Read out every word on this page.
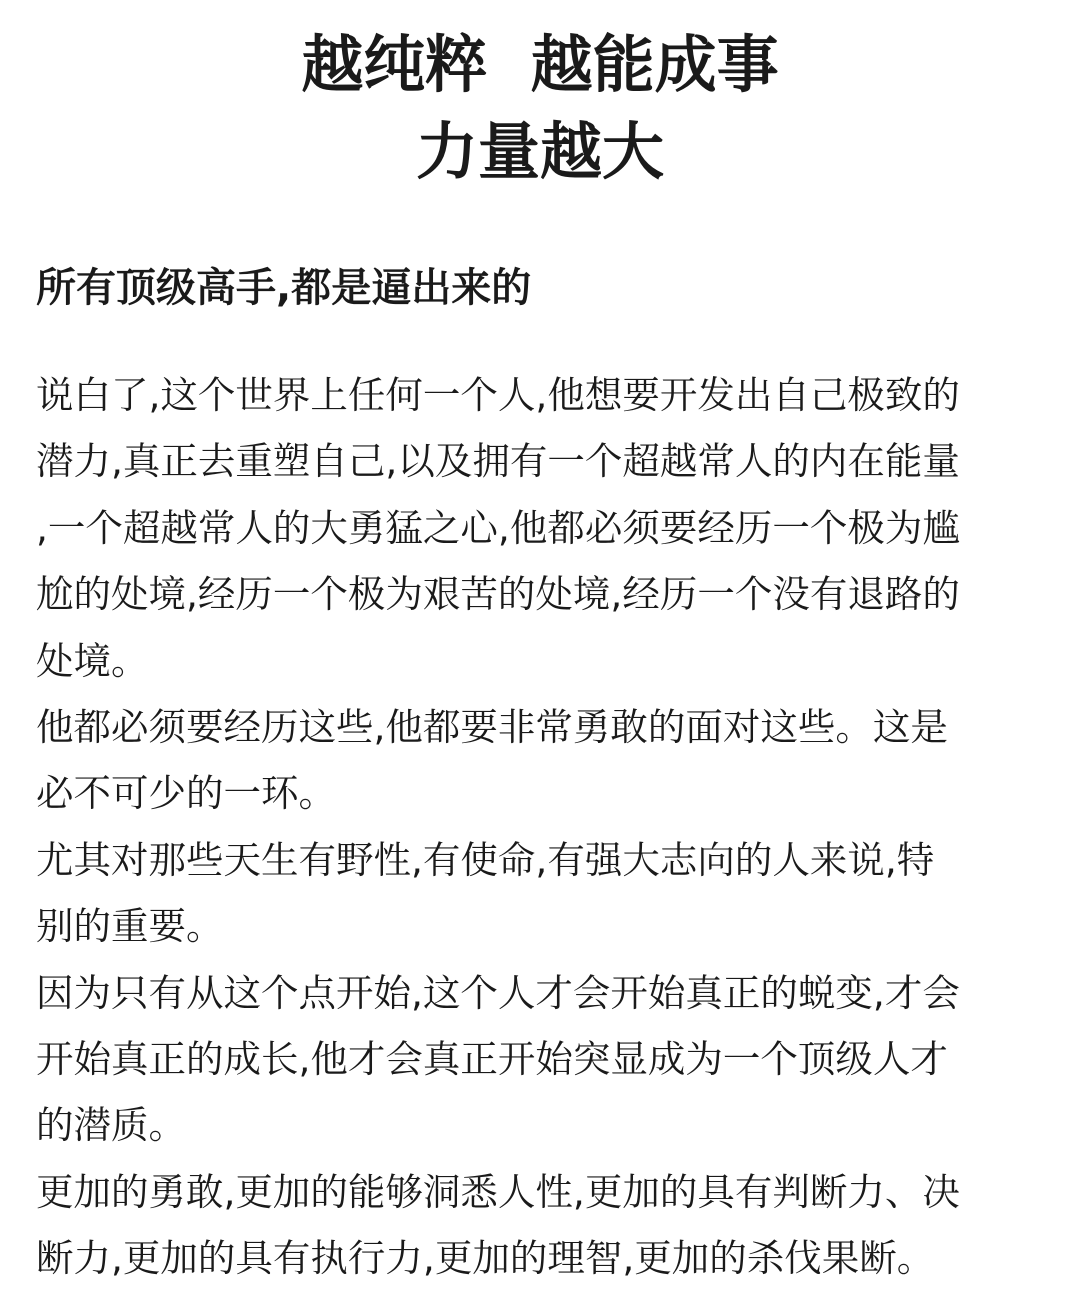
越纯粹  越能成事
力量越大
所有顶级高手,都是逼出来的
说白了,这个世界上任何一个人,他想要开发出自己极致的
潜力,真正去重塑自己,以及拥有一个超越常人的内在能量
,一个超越常人的大勇猛之心,他都必须要经历一个极为尴
尬的处境,经历一个极为艰苦的处境,经历一个没有退路的
处境。
他都必须要经历这些,他都要非常勇敢的面对这些。这是
必不可少的一环。
尤其对那些天生有野性,有使命,有强大志向的人来说,特
别的重要。
因为只有从这个点开始,这个人才会开始真正的蜕变,才会
开始真正的成长,他才会真正开始突显成为一个顶级人才
的潜质。
更加的勇敢,更加的能够洞悉人性,更加的具有判断力、决
断力,更加的具有执行力,更加的理智,更加的杀伐果断。
